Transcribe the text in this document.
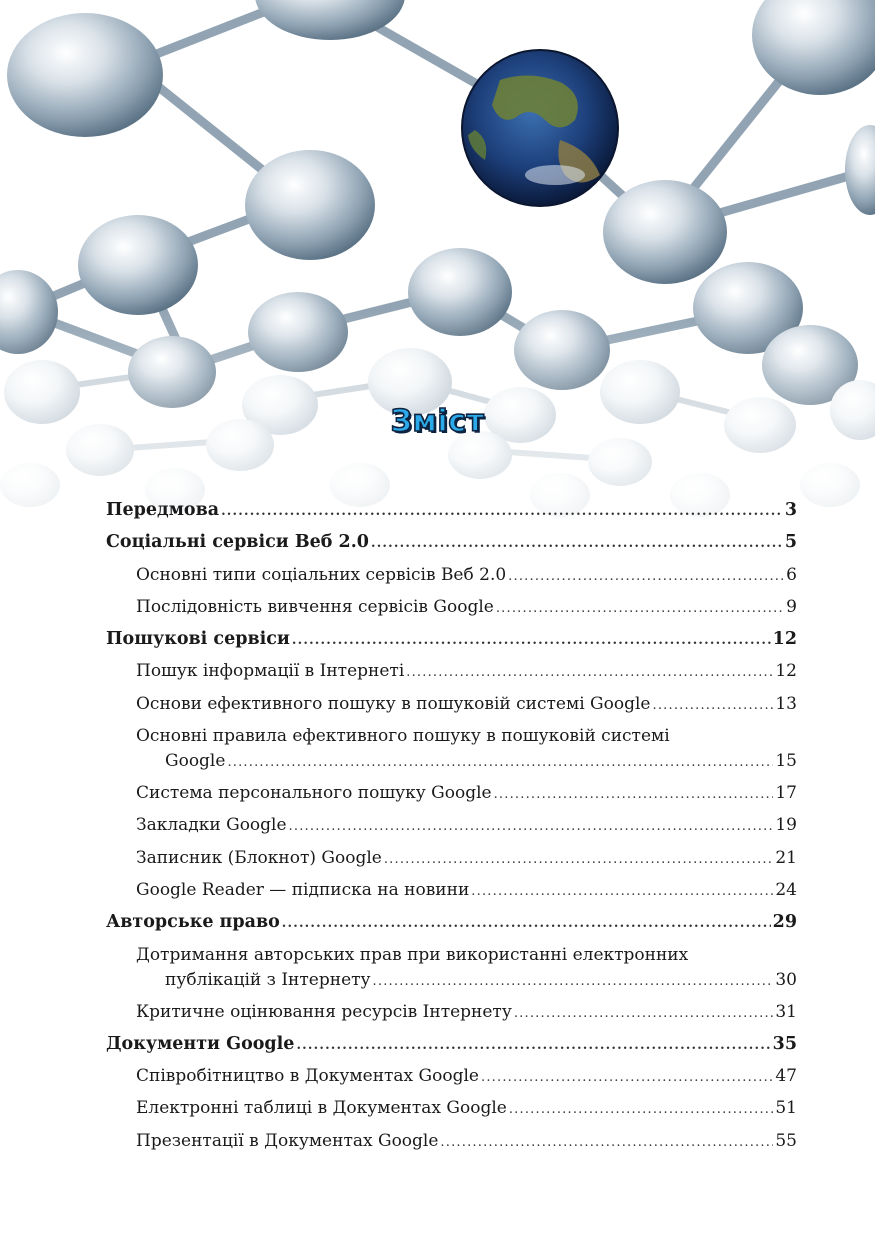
Зміст
Передмова .....	3
Соціальні сервіси Веб 2.0 .....	5
Основні типи соціальних сервісів Веб 2.0 .....	6
Послідовність вивчення сервісів Google .....	9
Пошукові сервіси .....	12
Пошук інформації в Інтернеті .....	12
Основи ефективного пошуку в пошуковій системі Google .....	13
Основні правила ефективного пошуку в пошуковій системі
Google .....	15
Система персонального пошуку Google .....	17
Закладки Google .....	19
Записник (Блокнот) Google .....	21
Google Reader — підписка на новини .....	24
Авторське право .....	29
Дотримання авторських прав при використанні електронних
публікацій з Інтернету .....	30
Критичне оцінювання ресурсів Інтернету .....	31
Документи Google .....	35
Співробітництво в Документах Google .....	47
Електронні таблиці в Документах Google .....	51
Презентації в Документах Google .....	55
